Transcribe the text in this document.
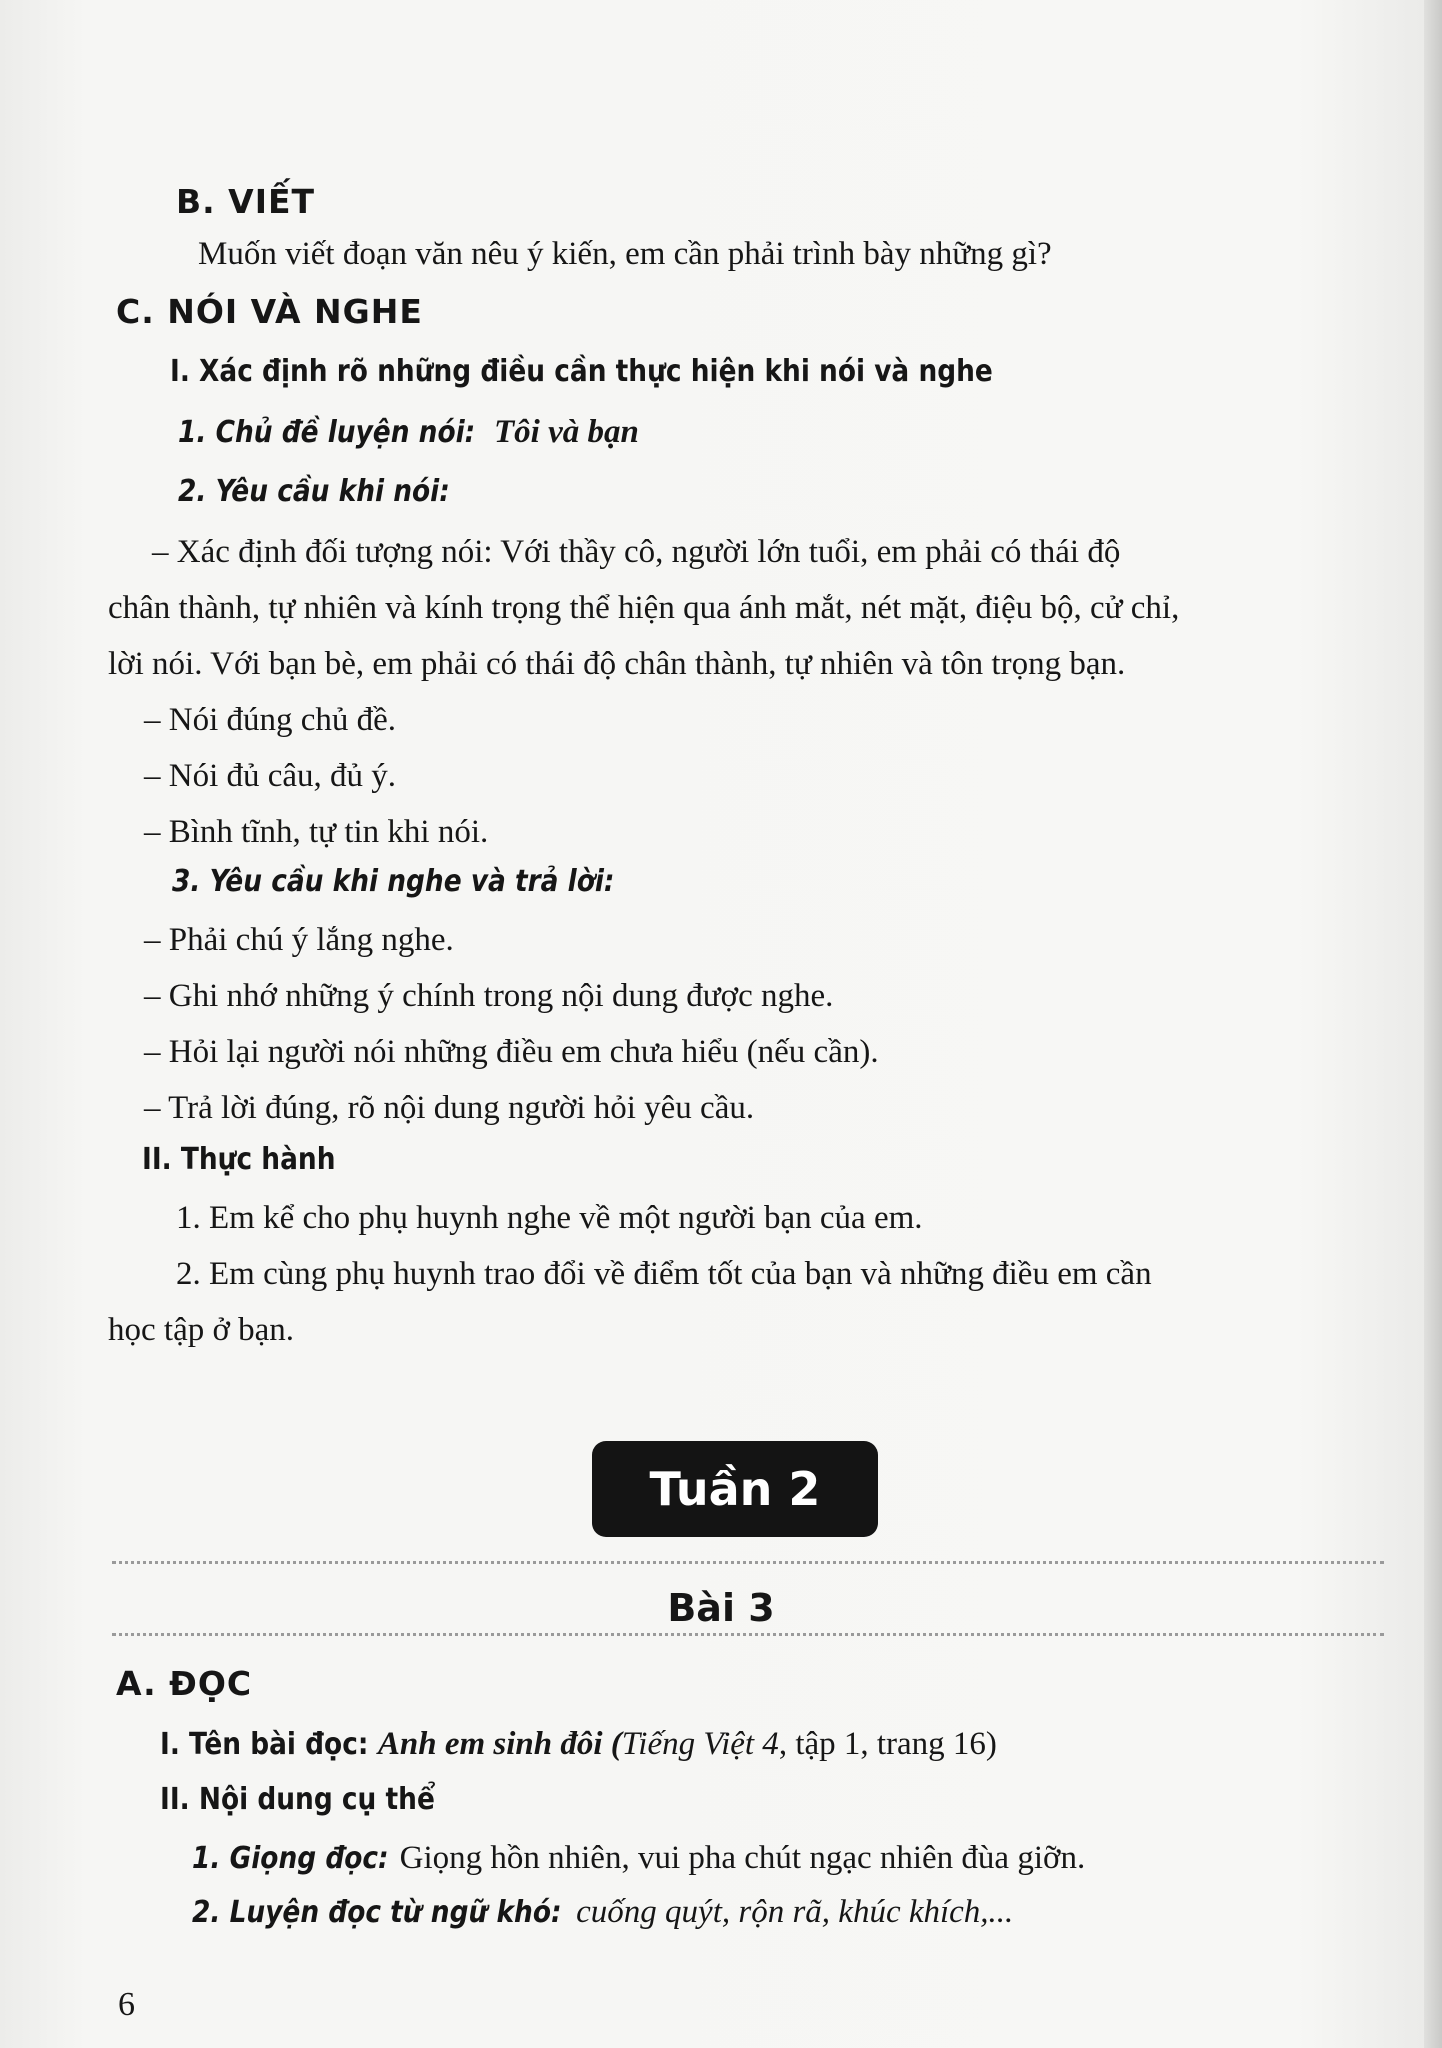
B. VIẾT
Muốn viết đoạn văn nêu ý kiến, em cần phải trình bày những gì?
C. NÓI VÀ NGHE
I. Xác định rõ những điều cần thực hiện khi nói và nghe
1. Chủ đề luyện nói: Tôi và bạn
2. Yêu cầu khi nói:
– Xác định đối tượng nói: Với thầy cô, người lớn tuổi, em phải có thái độ
chân thành, tự nhiên và kính trọng thể hiện qua ánh mắt, nét mặt, điệu bộ, cử chỉ,
lời nói. Với bạn bè, em phải có thái độ chân thành, tự nhiên và tôn trọng bạn.
– Nói đúng chủ đề.
– Nói đủ câu, đủ ý.
– Bình tĩnh, tự tin khi nói.
3. Yêu cầu khi nghe và trả lời:
– Phải chú ý lắng nghe.
– Ghi nhớ những ý chính trong nội dung được nghe.
– Hỏi lại người nói những điều em chưa hiểu (nếu cần).
– Trả lời đúng, rõ nội dung người hỏi yêu cầu.
II. Thực hành
1. Em kể cho phụ huynh nghe về một người bạn của em.
2. Em cùng phụ huynh trao đổi về điểm tốt của bạn và những điều em cần
học tập ở bạn.
Tuần 2
Bài 3
A. ĐỌC
I. Tên bài đọc: Anh em sinh đôi (Tiếng Việt 4, tập 1, trang 16)
II. Nội dung cụ thể
1. Giọng đọc: Giọng hồn nhiên, vui pha chút ngạc nhiên đùa giỡn.
2. Luyện đọc từ ngữ khó: cuống quýt, rộn rã, khúc khích,...
6
